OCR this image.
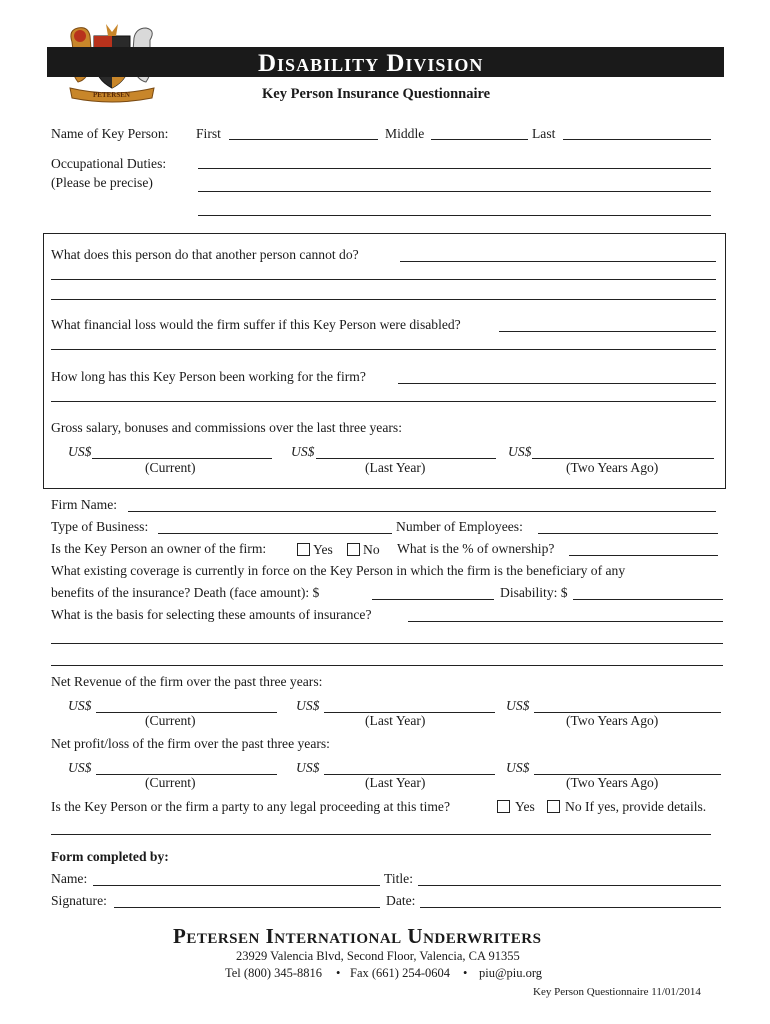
PETERSEN
Disability Division
Key Person Insurance Questionnaire
Name of Key Person: First	Middle	Last
Occupational Duties:
(Please be precise)
What does this person do that another person cannot do?
What financial loss would the firm suffer if this Key Person were disabled?
How long has this Key Person been working for the firm?
Gross salary, bonuses and commissions over the last three years:
US$	US$	US$
(Current)	(Last Year)	(Two Years Ago)
Firm Name:
Type of Business:	Number of Employees:
Is the Key Person an owner of the firm:	Yes No What is the % of ownership?
What existing coverage is currently in force on the Key Person in which the firm is the beneficiary of any
benefits of the insurance? Death (face amount): $	Disability: $
What is the basis for selecting these amounts of insurance?
Net Revenue of the firm over the past three years:
US$	US$	US$
(Current)	(Last Year)	(Two Years Ago)
Net profit/loss of the firm over the past three years:
US$	US$	US$
(Current)	(Last Year)	(Two Years Ago)
Is the Key Person or the firm a party to any legal proceeding at this time?	Yes No If yes, provide details.
Form completed by:
Name:	Title:
Signature:	Date:
Petersen International Underwriters
23929 Valencia Blvd, Second Floor, Valencia, CA 91355
Tel (800) 345-8816 • Fax (661) 254-0604 • piu@piu.org
Key Person Questionnaire 11/01/2014
